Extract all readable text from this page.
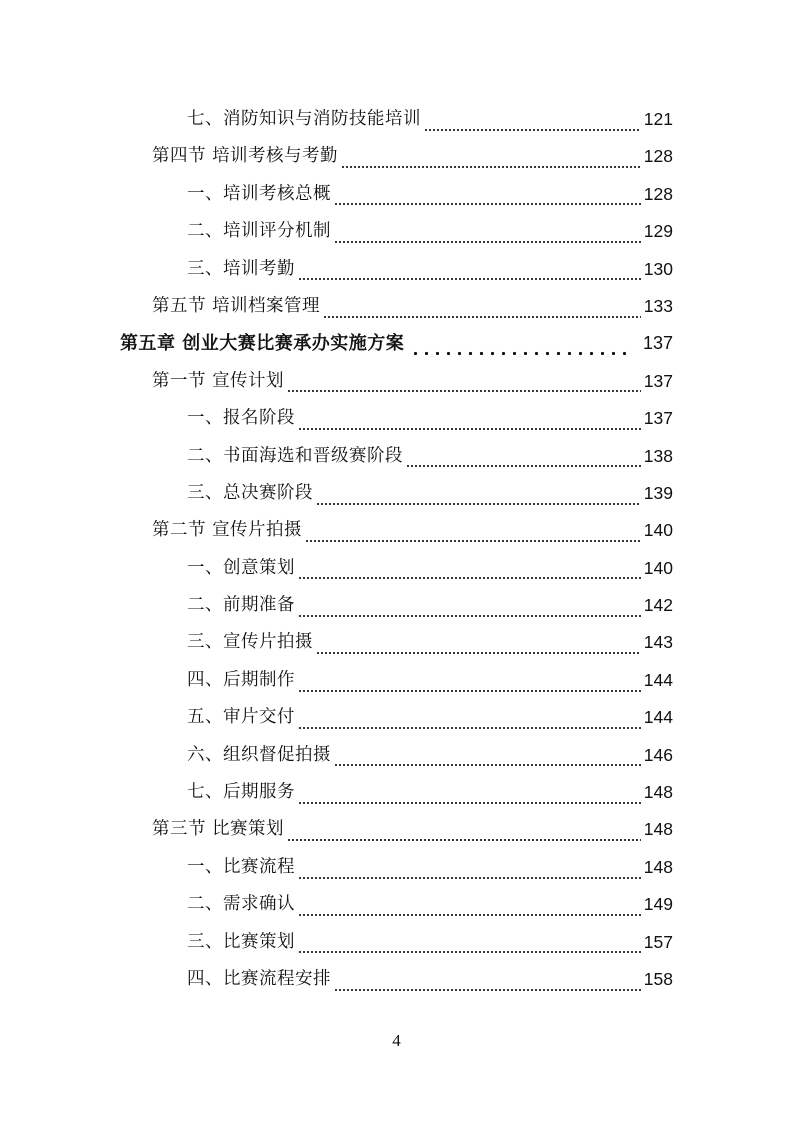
七、消防知识与消防技能培训	121
第四节 培训考核与考勤	128
一、培训考核总概	128
二、培训评分机制	129
三、培训考勤	130
第五节 培训档案管理	133
第五章 创业大赛比赛承办实施方案	137
第一节 宣传计划	137
一、报名阶段	137
二、书面海选和晋级赛阶段	138
三、总决赛阶段	139
第二节 宣传片拍摄	140
一、创意策划	140
二、前期准备	142
三、宣传片拍摄	143
四、后期制作	144
五、审片交付	144
六、组织督促拍摄	146
七、后期服务	148
第三节 比赛策划	148
一、比赛流程	148
二、需求确认	149
三、比赛策划	157
四、比赛流程安排	158
4
